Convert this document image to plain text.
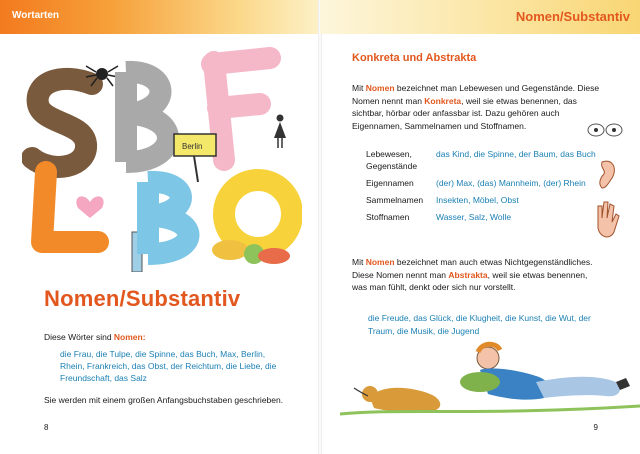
Wortarten
Berlin
Nomen/Substantiv
Diese Wörter sind Nomen:
die Frau, die Tulpe, die Spinne, das Buch, Max, Berlin, Rhein, Frankreich, das Obst, der Reichtum, die Liebe, die Freundschaft, das Salz
Sie werden mit einem großen Anfangsbuchstaben geschrieben.
8
Nomen/Substantiv
Konkreta und Abstrakta
Mit Nomen bezeichnet man Lebewesen und Gegenstände. Diese Nomen nennt man Konkreta, weil sie etwas benennen, das sichtbar, hörbar oder anfassbar ist. Dazu gehören auch Eigennamen, Sammelnamen und Stoffnamen.
Lebewesen, Gegenständedas Kind, die Spinne, der Baum, das Buch
Eigennamen	(der) Max, (das) Mannheim, (der) Rhein
Sammelnamen Insekten, Möbel, Obst
Stoffnamen	Wasser, Salz, Wolle
Mit Nomen bezeichnet man auch etwas Nichtgegenständliches. Diese Nomen nennt man Abstrakta, weil sie etwas benennen, was man fühlt, denkt oder sich nur vorstellt.
die Freude, das Glück, die Klugheit, die Kunst, die Wut, der Traum, die Musik, die Jugend
9
